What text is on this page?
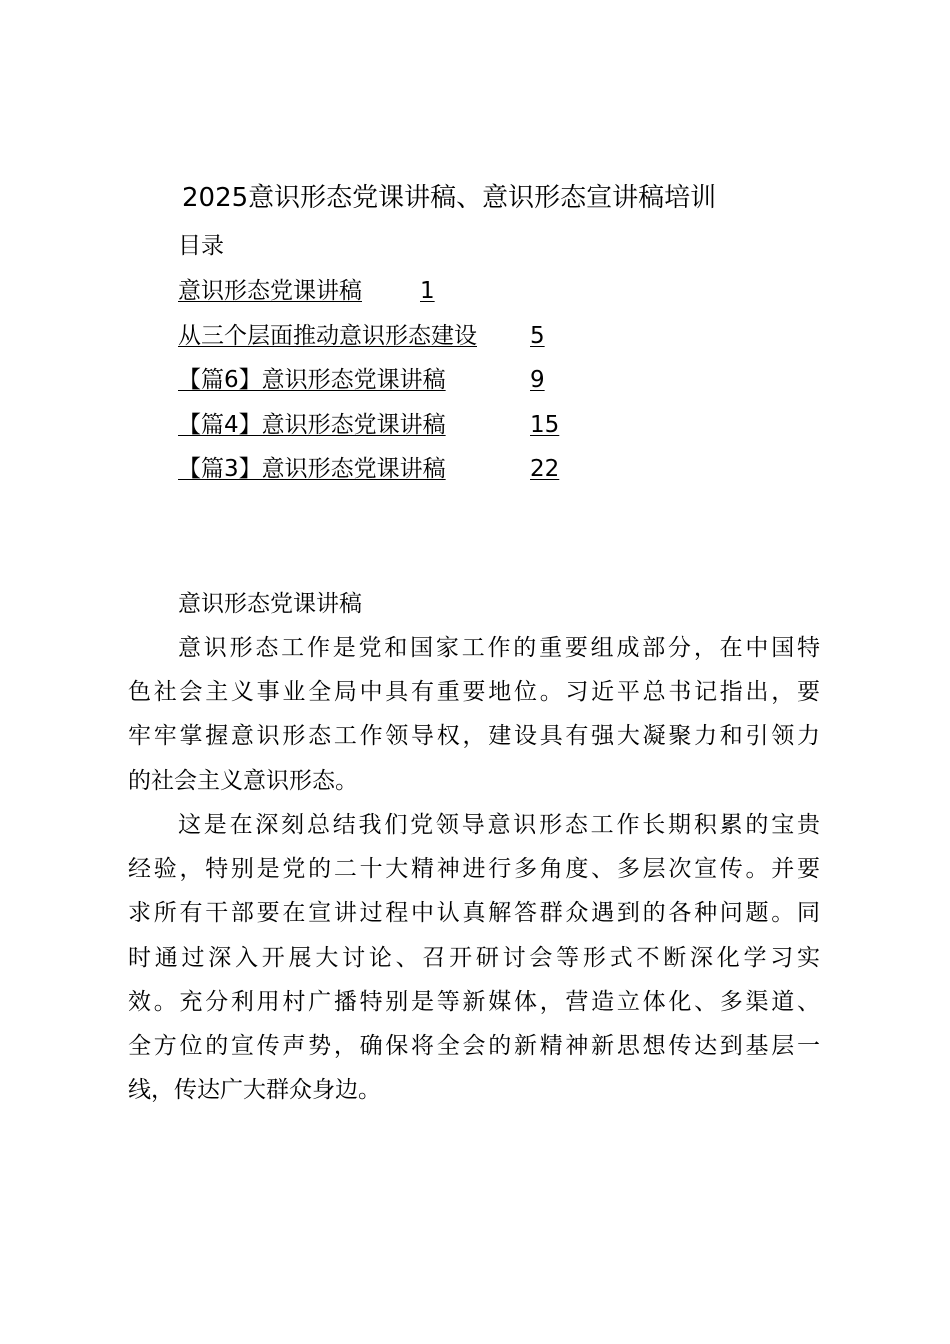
2025意识形态党课讲稿、意识形态宣讲稿培训
目录
意识形态党课讲稿	1
从三个层面推动意识形态建设	5
【篇6】意识形态党课讲稿	9
【篇4】意识形态党课讲稿	15
【篇3】意识形态党课讲稿	22
意识形态党课讲稿

意识形态工作是党和国家工作的重要组成部分，在中国特
色社会主义事业全局中具有重要地位。习近平总书记指出，要
牢牢掌握意识形态工作领导权，建设具有强大凝聚力和引领力
的社会主义意识形态。

这是在深刻总结我们党领导意识形态工作长期积累的宝贵
经验，特别是党的二十大精神进行多角度、多层次宣传。并要
求所有干部要在宣讲过程中认真解答群众遇到的各种问题。同
时通过深入开展大讨论、召开研讨会等形式不断深化学习实
效。充分利用村广播特别是等新媒体，营造立体化、多渠道、
全方位的宣传声势，确保将全会的新精神新思想传达到基层一
线，传达广大群众身边。
